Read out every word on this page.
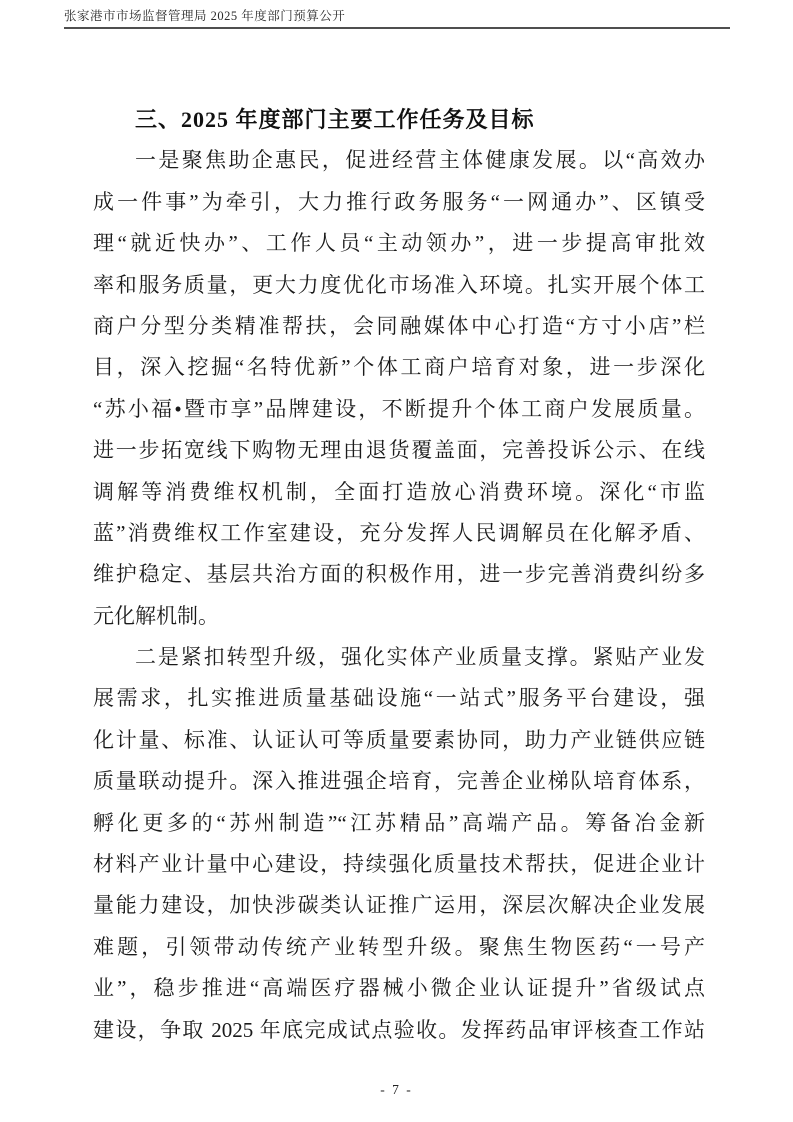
张家港市市场监督管理局 2025 年度部门预算公开
三、2025 年度部门主要工作任务及目标
一是聚焦助企惠民，促进经营主体健康发展。以“高效办
成一件事”为牵引，大力推行政务服务“一网通办”、区镇受
理“就近快办”、工作人员“主动领办”，进一步提高审批效
率和服务质量，更大力度优化市场准入环境。扎实开展个体工
商户分型分类精准帮扶，会同融媒体中心打造“方寸小店”栏
目，深入挖掘“名特优新”个体工商户培育对象，进一步深化
“苏小福•暨市享”品牌建设，不断提升个体工商户发展质量。
进一步拓宽线下购物无理由退货覆盖面，完善投诉公示、在线
调解等消费维权机制，全面打造放心消费环境。深化“市监
蓝”消费维权工作室建设，充分发挥人民调解员在化解矛盾、
维护稳定、基层共治方面的积极作用，进一步完善消费纠纷多
元化解机制。
二是紧扣转型升级，强化实体产业质量支撑。紧贴产业发
展需求，扎实推进质量基础设施“一站式”服务平台建设，强
化计量、标准、认证认可等质量要素协同，助力产业链供应链
质量联动提升。深入推进强企培育，完善企业梯队培育体系，
孵化更多的“苏州制造”“江苏精品”高端产品。筹备冶金新
材料产业计量中心建设，持续强化质量技术帮扶，促进企业计
量能力建设，加快涉碳类认证推广运用，深层次解决企业发展
难题，引领带动传统产业转型升级。聚焦生物医药“一号产
业”，稳步推进“高端医疗器械小微企业认证提升”省级试点
建设，争取 2025 年底完成试点验收。发挥药品审评核查工作站
- 7 -
